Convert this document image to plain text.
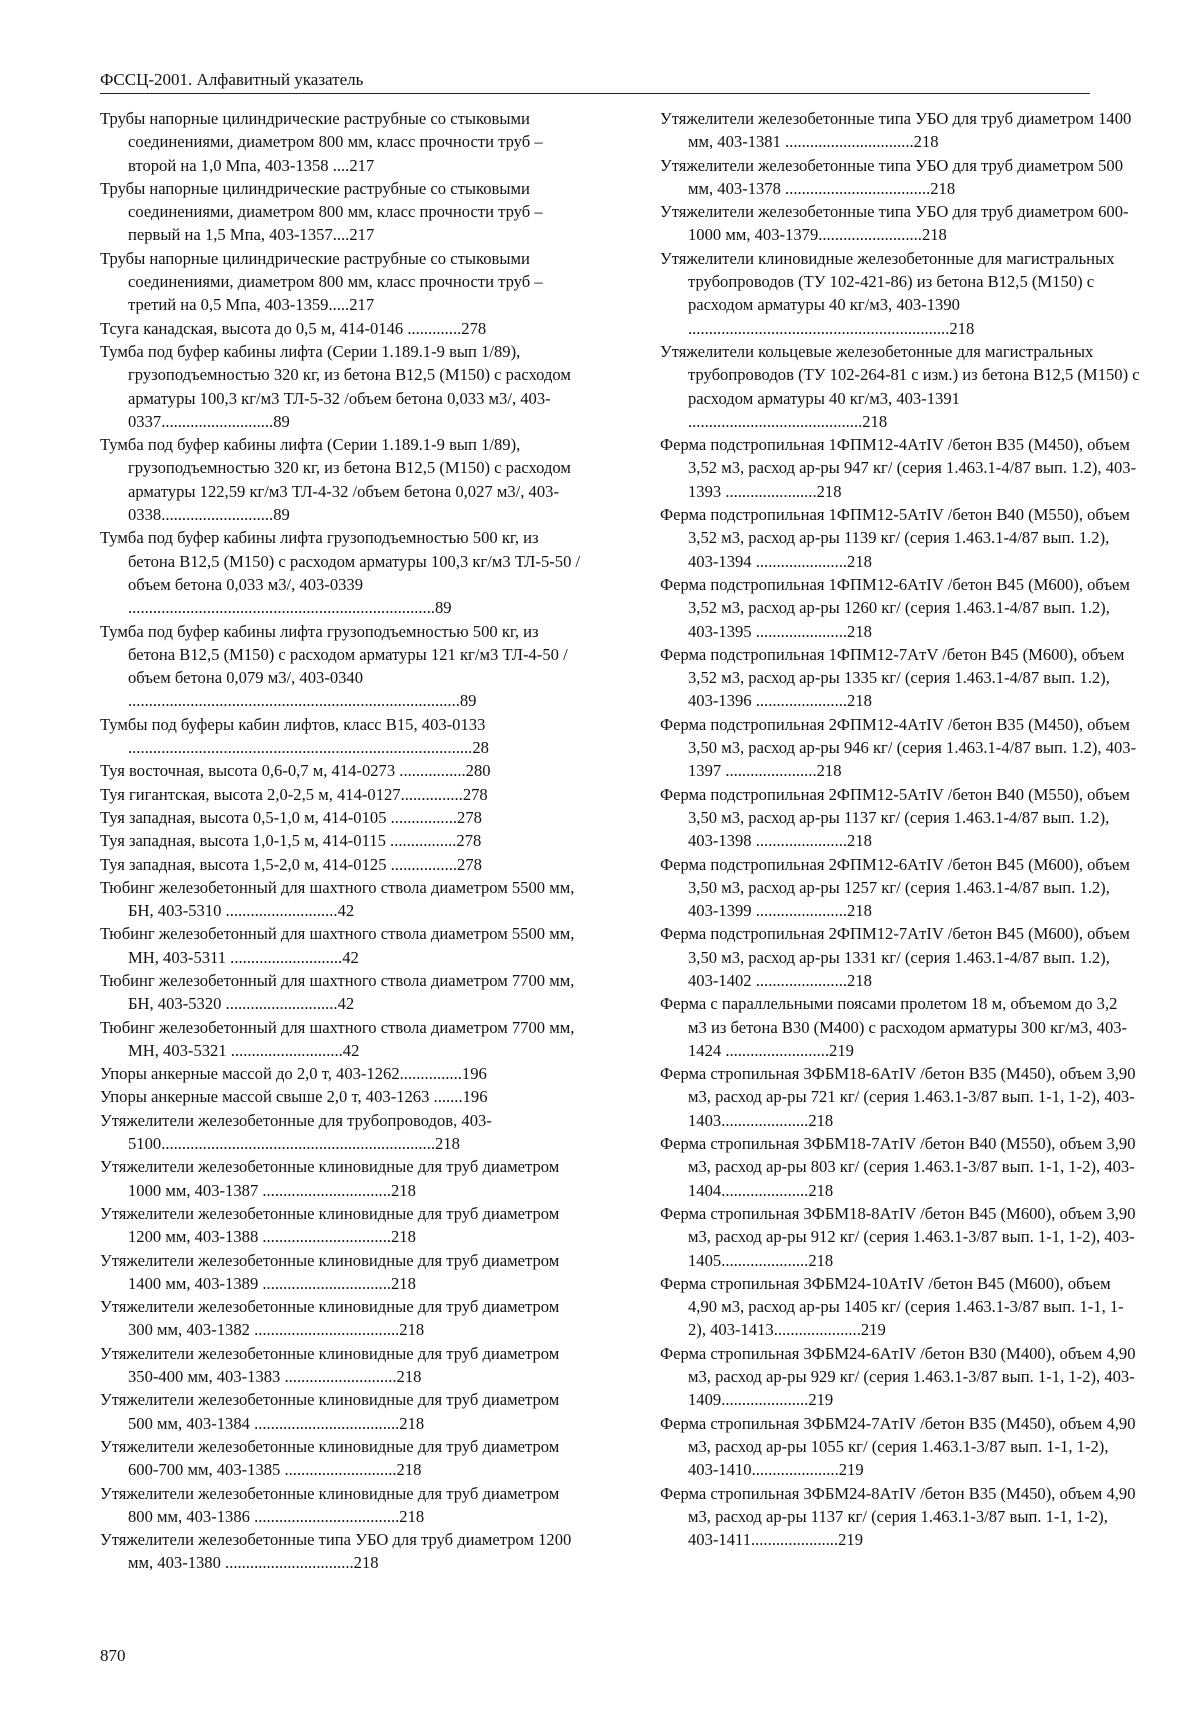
ФССЦ-2001. Алфавитный указатель
Трубы напорные цилиндрические раструбные со стыковыми соединениями, диаметром 800 мм, класс прочности труб – второй на 1,0 Мпа, 403-1358 ....217
Трубы напорные цилиндрические раструбные со стыковыми соединениями, диаметром 800 мм, класс прочности труб – первый на 1,5 Мпа, 403-1357....217
Трубы напорные цилиндрические раструбные со стыковыми соединениями, диаметром 800 мм, класс прочности труб – третий на 0,5 Мпа, 403-1359.....217
Тсуга канадская, высота до 0,5 м, 414-0146 .............278
Тумба под буфер кабины лифта (Серии 1.189.1-9 вып 1/89), грузоподъемностью 320 кг, из бетона В12,5 (М150) с расходом арматуры 100,3 кг/м3 ТЛ-5-32 /объем бетона 0,033 м3/, 403-0337...........................89
Тумба под буфер кабины лифта (Серии 1.189.1-9 вып 1/89), грузоподъемностью 320 кг, из бетона В12,5 (М150) с расходом арматуры 122,59 кг/м3 ТЛ-4-32 /объем бетона 0,027 м3/, 403-0338...........................89
Тумба под буфер кабины лифта грузоподъемностью 500 кг, из бетона В12,5 (М150) с расходом арматуры 100,3 кг/м3 ТЛ-5-50 /объем бетона 0,033 м3/, 403-0339 ..........................................................................89
Тумба под буфер кабины лифта грузоподъемностью 500 кг, из бетона В12,5 (М150) с расходом арматуры 121 кг/м3 ТЛ-4-50 /объем бетона 0,079 м3/, 403-0340 ................................................................................89
Тумбы под буферы кабин лифтов, класс В15, 403-0133 ...................................................................................28
Туя восточная, высота 0,6-0,7 м, 414-0273 ................280
Туя гигантская, высота 2,0-2,5 м, 414-0127...............278
Туя западная, высота 0,5-1,0 м, 414-0105 ................278
Туя западная, высота 1,0-1,5 м, 414-0115 ................278
Туя западная, высота 1,5-2,0 м, 414-0125 ................278
Тюбинг железобетонный для шахтного ствола диаметром 5500 мм, БН, 403-5310 ...........................42
Тюбинг железобетонный для шахтного ствола диаметром 5500 мм, МН, 403-5311 ...........................42
Тюбинг железобетонный для шахтного ствола диаметром 7700 мм, БН, 403-5320 ...........................42
Тюбинг железобетонный для шахтного ствола диаметром 7700 мм, МН, 403-5321 ...........................42
Упоры анкерные массой до 2,0 т, 403-1262...............196
Упоры анкерные массой свыше 2,0 т, 403-1263 .......196
Утяжелители железобетонные для трубопроводов, 403-5100..................................................................218
Утяжелители железобетонные клиновидные для труб диаметром 1000 мм, 403-1387 ...............................218
Утяжелители железобетонные клиновидные для труб диаметром 1200 мм, 403-1388 ...............................218
Утяжелители железобетонные клиновидные для труб диаметром 1400 мм, 403-1389 ...............................218
Утяжелители железобетонные клиновидные для труб диаметром 300 мм, 403-1382 ...................................218
Утяжелители железобетонные клиновидные для труб диаметром 350-400 мм, 403-1383 ...........................218
Утяжелители железобетонные клиновидные для труб диаметром 500 мм, 403-1384 ...................................218
Утяжелители железобетонные клиновидные для труб диаметром 600-700 мм, 403-1385 ...........................218
Утяжелители железобетонные клиновидные для труб диаметром 800 мм, 403-1386 ...................................218
Утяжелители железобетонные типа УБО для труб диаметром 1200 мм, 403-1380 ...............................218
Утяжелители железобетонные типа УБО для труб диаметром 1400 мм, 403-1381 ...............................218
Утяжелители железобетонные типа УБО для труб диаметром 500 мм, 403-1378 ...................................218
Утяжелители железобетонные типа УБО для труб диаметром 600-1000 мм, 403-1379.........................218
Утяжелители клиновидные железобетонные для магистральных трубопроводов (ТУ 102-421-86) из бетона В12,5 (М150) с расходом арматуры 40 кг/м3, 403-1390 ...............................................................218
Утяжелители кольцевые железобетонные для магистральных трубопроводов (ТУ 102-264-81 с изм.) из бетона В12,5 (М150) с расходом арматуры 40 кг/м3, 403-1391 ..........................................218
Ферма подстропильная 1ФПМ12-4AтIV /бетон В35 (М450), объем 3,52 м3, расход ар-ры 947 кг/ (серия 1.463.1-4/87 вып. 1.2), 403-1393 ......................218
Ферма подстропильная 1ФПМ12-5AтIV /бетон В40 (М550), объем 3,52 м3, расход ар-ры 1139 кг/ (серия 1.463.1-4/87 вып. 1.2), 403-1394 ......................218
Ферма подстропильная 1ФПМ12-6AтIV /бетон В45 (М600), объем 3,52 м3, расход ар-ры 1260 кг/ (серия 1.463.1-4/87 вып. 1.2), 403-1395 ......................218
Ферма подстропильная 1ФПМ12-7AтV /бетон В45 (М600), объем 3,52 м3, расход ар-ры 1335 кг/ (серия 1.463.1-4/87 вып. 1.2), 403-1396 ......................218
Ферма подстропильная 2ФПМ12-4AтIV /бетон В35 (М450), объем 3,50 м3, расход ар-ры 946 кг/ (серия 1.463.1-4/87 вып. 1.2), 403-1397 ......................218
Ферма подстропильная 2ФПМ12-5AтIV /бетон В40 (М550), объем 3,50 м3, расход ар-ры 1137 кг/ (серия 1.463.1-4/87 вып. 1.2), 403-1398 ......................218
Ферма подстропильная 2ФПМ12-6AтIV /бетон В45 (М600), объем 3,50 м3, расход ар-ры 1257 кг/ (серия 1.463.1-4/87 вып. 1.2), 403-1399 ......................218
Ферма подстропильная 2ФПМ12-7AтIV /бетон В45 (М600), объем 3,50 м3, расход ар-ры 1331 кг/ (серия 1.463.1-4/87 вып. 1.2), 403-1402 ......................218
Ферма с параллельными поясами пролетом 18 м, объемом до 3,2 м3 из бетона В30 (М400) с расходом арматуры 300 кг/м3, 403-1424 .........................219
Ферма стропильная 3ФБМ18-6AтIV /бетон В35 (М450), объем 3,90 м3, расход ар-ры 721 кг/ (серия 1.463.1-3/87 вып. 1-1, 1-2), 403-1403.....................218
Ферма стропильная 3ФБМ18-7AтIV /бетон В40 (М550), объем 3,90 м3, расход ар-ры 803 кг/ (серия 1.463.1-3/87 вып. 1-1, 1-2), 403-1404.....................218
Ферма стропильная 3ФБМ18-8AтIV /бетон В45 (М600), объем 3,90 м3, расход ар-ры 912 кг/ (серия 1.463.1-3/87 вып. 1-1, 1-2), 403-1405.....................218
Ферма стропильная 3ФБМ24-10AтIV /бетон В45 (М600), объем 4,90 м3, расход ар-ры 1405 кг/ (серия 1.463.1-3/87 вып. 1-1, 1-2), 403-1413.....................219
Ферма стропильная 3ФБМ24-6AтIV /бетон В30 (М400), объем 4,90 м3, расход ар-ры 929 кг/ (серия 1.463.1-3/87 вып. 1-1, 1-2), 403-1409.....................219
Ферма стропильная 3ФБМ24-7AтIV /бетон В35 (М450), объем 4,90 м3, расход ар-ры 1055 кг/ (серия 1.463.1-3/87 вып. 1-1, 1-2), 403-1410.....................219
Ферма стропильная 3ФБМ24-8AтIV /бетон В35 (М450), объем 4,90 м3, расход ар-ры 1137 кг/ (серия 1.463.1-3/87 вып. 1-1, 1-2), 403-1411.....................219
870
